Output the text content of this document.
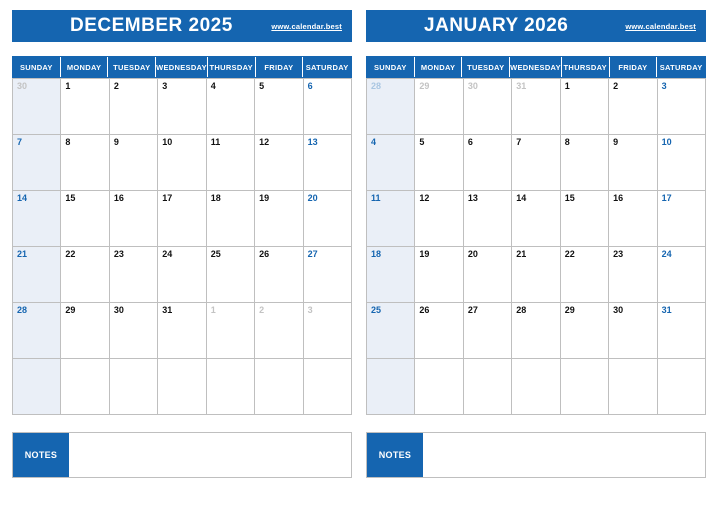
DECEMBER 2025	www.calendar.best
SUNDAY	MONDAY	TUESDAY WEDNESDAY THURSDAY	FRIDAY	SATURDAY
30	1	2	3	4	5	6
7	8	9	10	11	12	13
14	15	16	17	18	19	20
21	22	23	24	25	26	27
28	29	30	31	1	2	3
NOTES
JANUARY 2026	www.calendar.best
SUNDAY	MONDAY	TUESDAY WEDNESDAY THURSDAY	FRIDAY	SATURDAY
28	29	30	31	1	2	3
4	5	6	7	8	9	10
11	12	13	14	15	16	17
18	19	20	21	22	23	24
25	26	27	28	29	30	31
NOTES
